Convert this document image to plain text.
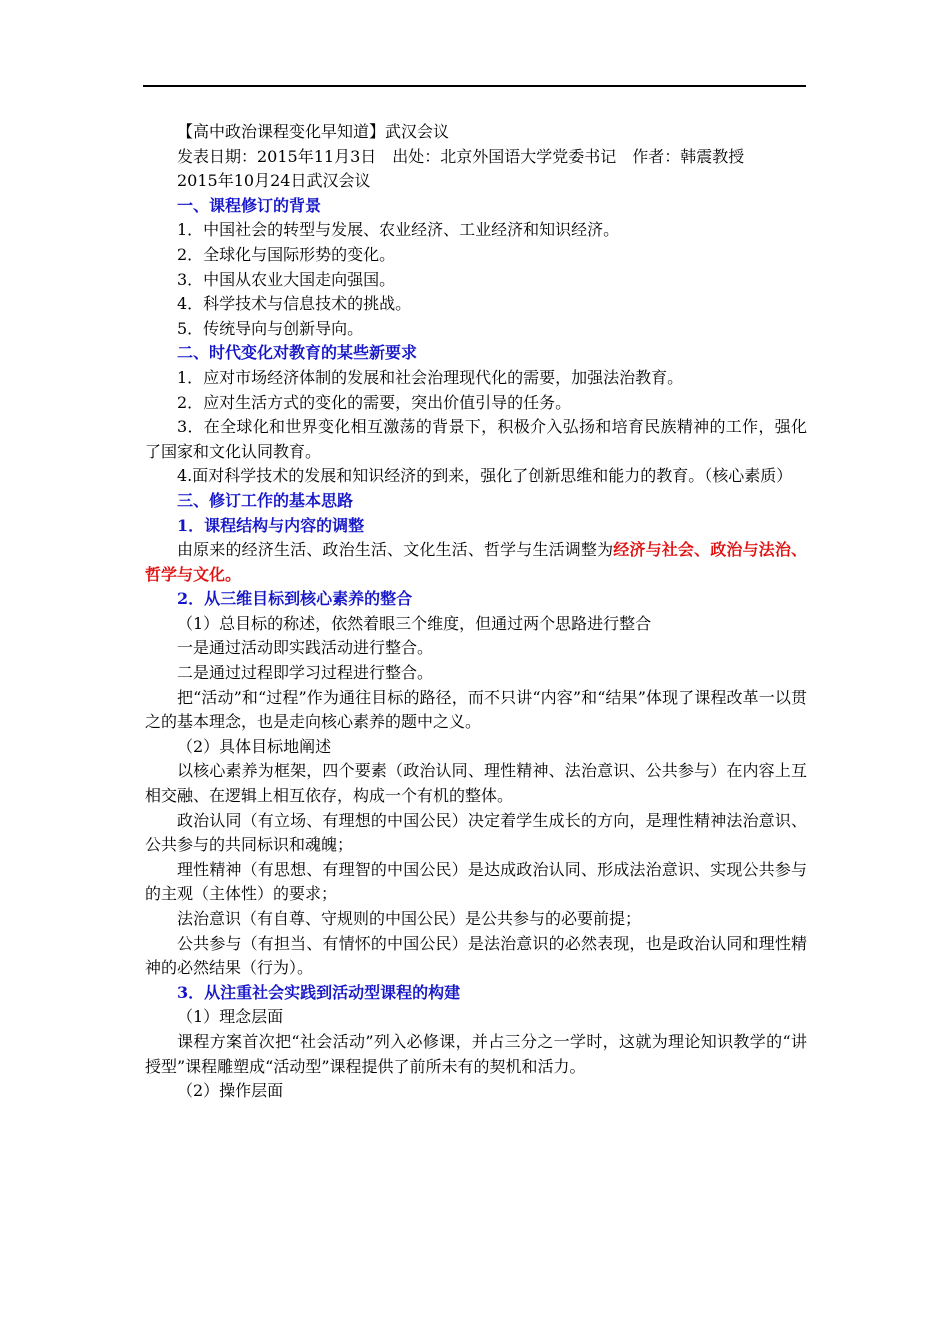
【高中政治课程变化早知道】武汉会议

发表日期：2015年11月3日　出处：北京外国语大学党委书记　作者：韩震教授

2015年10月24日武汉会议

一、课程修订的背景

1．中国社会的转型与发展、农业经济、工业经济和知识经济。

2．全球化与国际形势的变化。

3．中国从农业大国走向强国。

4．科学技术与信息技术的挑战。

5．传统导向与创新导向。

二、时代变化对教育的某些新要求

1．应对市场经济体制的发展和社会治理现代化的需要，加强法治教育。

2．应对生活方式的变化的需要，突出价值引导的任务。

3．在全球化和世界变化相互激荡的背景下，积极介入弘扬和培育民族精神的工作，强化了国家和文化认同教育。

4.面对科学技术的发展和知识经济的到来，强化了创新思维和能力的教育。（核心素质）

三、修订工作的基本思路

1．课程结构与内容的调整

由原来的经济生活、政治生活、文化生活、哲学与生活调整为经济与社会、政治与法治、哲学与文化。

2．从三维目标到核心素养的整合

（1）总目标的称述，依然着眼三个维度，但通过两个思路进行整合

一是通过活动即实践活动进行整合。

二是通过过程即学习过程进行整合。

把“活动”和“过程”作为通往目标的路径，而不只讲“内容”和“结果”体现了课程改革一以贯之的基本理念，也是走向核心素养的题中之义。

（2）具体目标地阐述

以核心素养为框架，四个要素（政治认同、理性精神、法治意识、公共参与）在内容上互相交融、在逻辑上相互依存，构成一个有机的整体。

政治认同（有立场、有理想的中国公民）决定着学生成长的方向，是理性精神法治意识、公共参与的共同标识和魂魄；

理性精神（有思想、有理智的中国公民）是达成政治认同、形成法治意识、实现公共参与的主观（主体性）的要求；

法治意识（有自尊、守规则的中国公民）是公共参与的必要前提；

公共参与（有担当、有情怀的中国公民）是法治意识的必然表现，也是政治认同和理性精神的必然结果（行为）。

3．从注重社会实践到活动型课程的构建

（1）理念层面

课程方案首次把“社会活动”列入必修课，并占三分之一学时，这就为理论知识教学的“讲授型”课程雕塑成“活动型”课程提供了前所未有的契机和活力。

（2）操作层面
